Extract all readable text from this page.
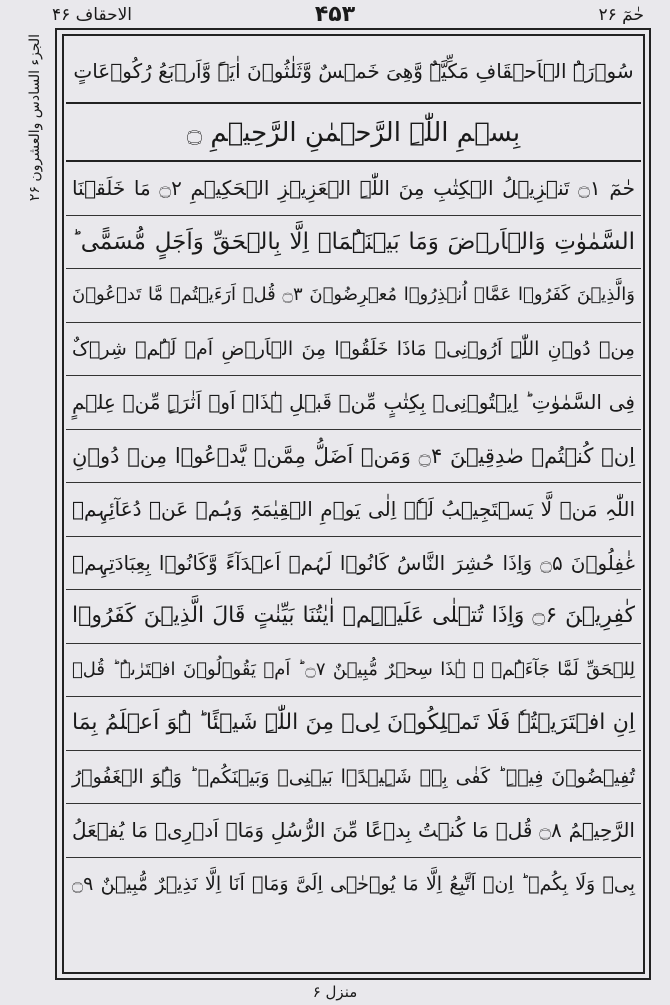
الاحقاف ۴۶	۴۵۳	حٰمٓ ۲۶
الجزء السادس والعشرون ۲۶	سُوۡرَۃُ الۡاَحۡقَافِ مَکِّیَّۃٌ وَّھِیَ خَمۡسٌ وَّثَلٰثُوۡنَ اٰیَۃً وَّاَرۡبَعُ رُکُوۡعَاتٍ
بِسۡمِ اللّٰہِ الرَّحۡمٰنِ الرَّحِیۡمِ ۝
حٰمٓ ۝۱ تَنۡزِیۡلُ الۡکِتٰبِ مِنَ اللّٰہِ الۡعَزِیۡزِ الۡحَکِیۡمِ ۝۲ مَا خَلَقۡنَا
السَّمٰوٰتِ وَالۡاَرۡضَ وَمَا بَیۡنَہُمَاۤ اِلَّا بِالۡحَقِّ وَاَجَلٍ مُّسَمًّی ؕ
وَالَّذِیۡنَ کَفَرُوۡا عَمَّاۤ اُنۡذِرُوۡا مُعۡرِضُوۡنَ ۝۳ قُلۡ اَرَءَیۡتُمۡ مَّا تَدۡعُوۡنَ
مِنۡ دُوۡنِ اللّٰہِ اَرُوۡنِیۡ مَاذَا خَلَقُوۡا مِنَ الۡاَرۡضِ اَمۡ لَہُمۡ شِرۡکٌ
فِی السَّمٰوٰتِ ؕ اِیۡتُوۡنِیۡ بِکِتٰبٍ مِّنۡ قَبۡلِ ہٰذَاۤ اَوۡ اَثٰرَۃٍ مِّنۡ عِلۡمٍ
اِنۡ کُنۡتُمۡ صٰدِقِیۡنَ ۝۴ وَمَنۡ اَضَلُّ مِمَّنۡ یَّدۡعُوۡا مِنۡ دُوۡنِ
اللّٰہِ مَنۡ لَّا یَسۡتَجِیۡبُ لَہٗۤ اِلٰی یَوۡمِ الۡقِیٰمَۃِ وَہُمۡ عَنۡ دُعَآئِہِمۡ
غٰفِلُوۡنَ ۝۵ وَاِذَا حُشِرَ النَّاسُ کَانُوۡا لَہُمۡ اَعۡدَآءً وَّکَانُوۡا بِعِبَادَتِہِمۡ
کٰفِرِیۡنَ ۝۶ وَاِذَا تُتۡلٰی عَلَیۡہِمۡ اٰیٰتُنَا بَیِّنٰتٍ قَالَ الَّذِیۡنَ کَفَرُوۡا
لِلۡحَقِّ لَمَّا جَآءَہُمۡ ۙ ہٰذَا سِحۡرٌ مُّبِیۡنٌ ۝۷ ؕ اَمۡ یَقُوۡلُوۡنَ افۡتَرٰىہُ ؕ قُلۡ
اِنِ افۡتَرَیۡتُہٗ فَلَا تَمۡلِکُوۡنَ لِیۡ مِنَ اللّٰہِ شَیۡئًا ؕ ہُوَ اَعۡلَمُ بِمَا
تُفِیۡضُوۡنَ فِیۡہِ ؕ کَفٰی بِہٖ شَہِیۡدًۢا بَیۡنِیۡ وَبَیۡنَکُمۡ ؕ وَہُوَ الۡغَفُوۡرُ
الرَّحِیۡمُ ۝۸ قُلۡ مَا کُنۡتُ بِدۡعًا مِّنَ الرُّسُلِ وَمَاۤ اَدۡرِیۡ مَا یُفۡعَلُ
بِیۡ وَلَا بِکُمۡ ؕ اِنۡ اَتَّبِعُ اِلَّا مَا یُوۡحٰۤی اِلَیَّ وَمَاۤ اَنَا اِلَّا نَذِیۡرٌ مُّبِیۡنٌ ۝۹
منزل ۶
